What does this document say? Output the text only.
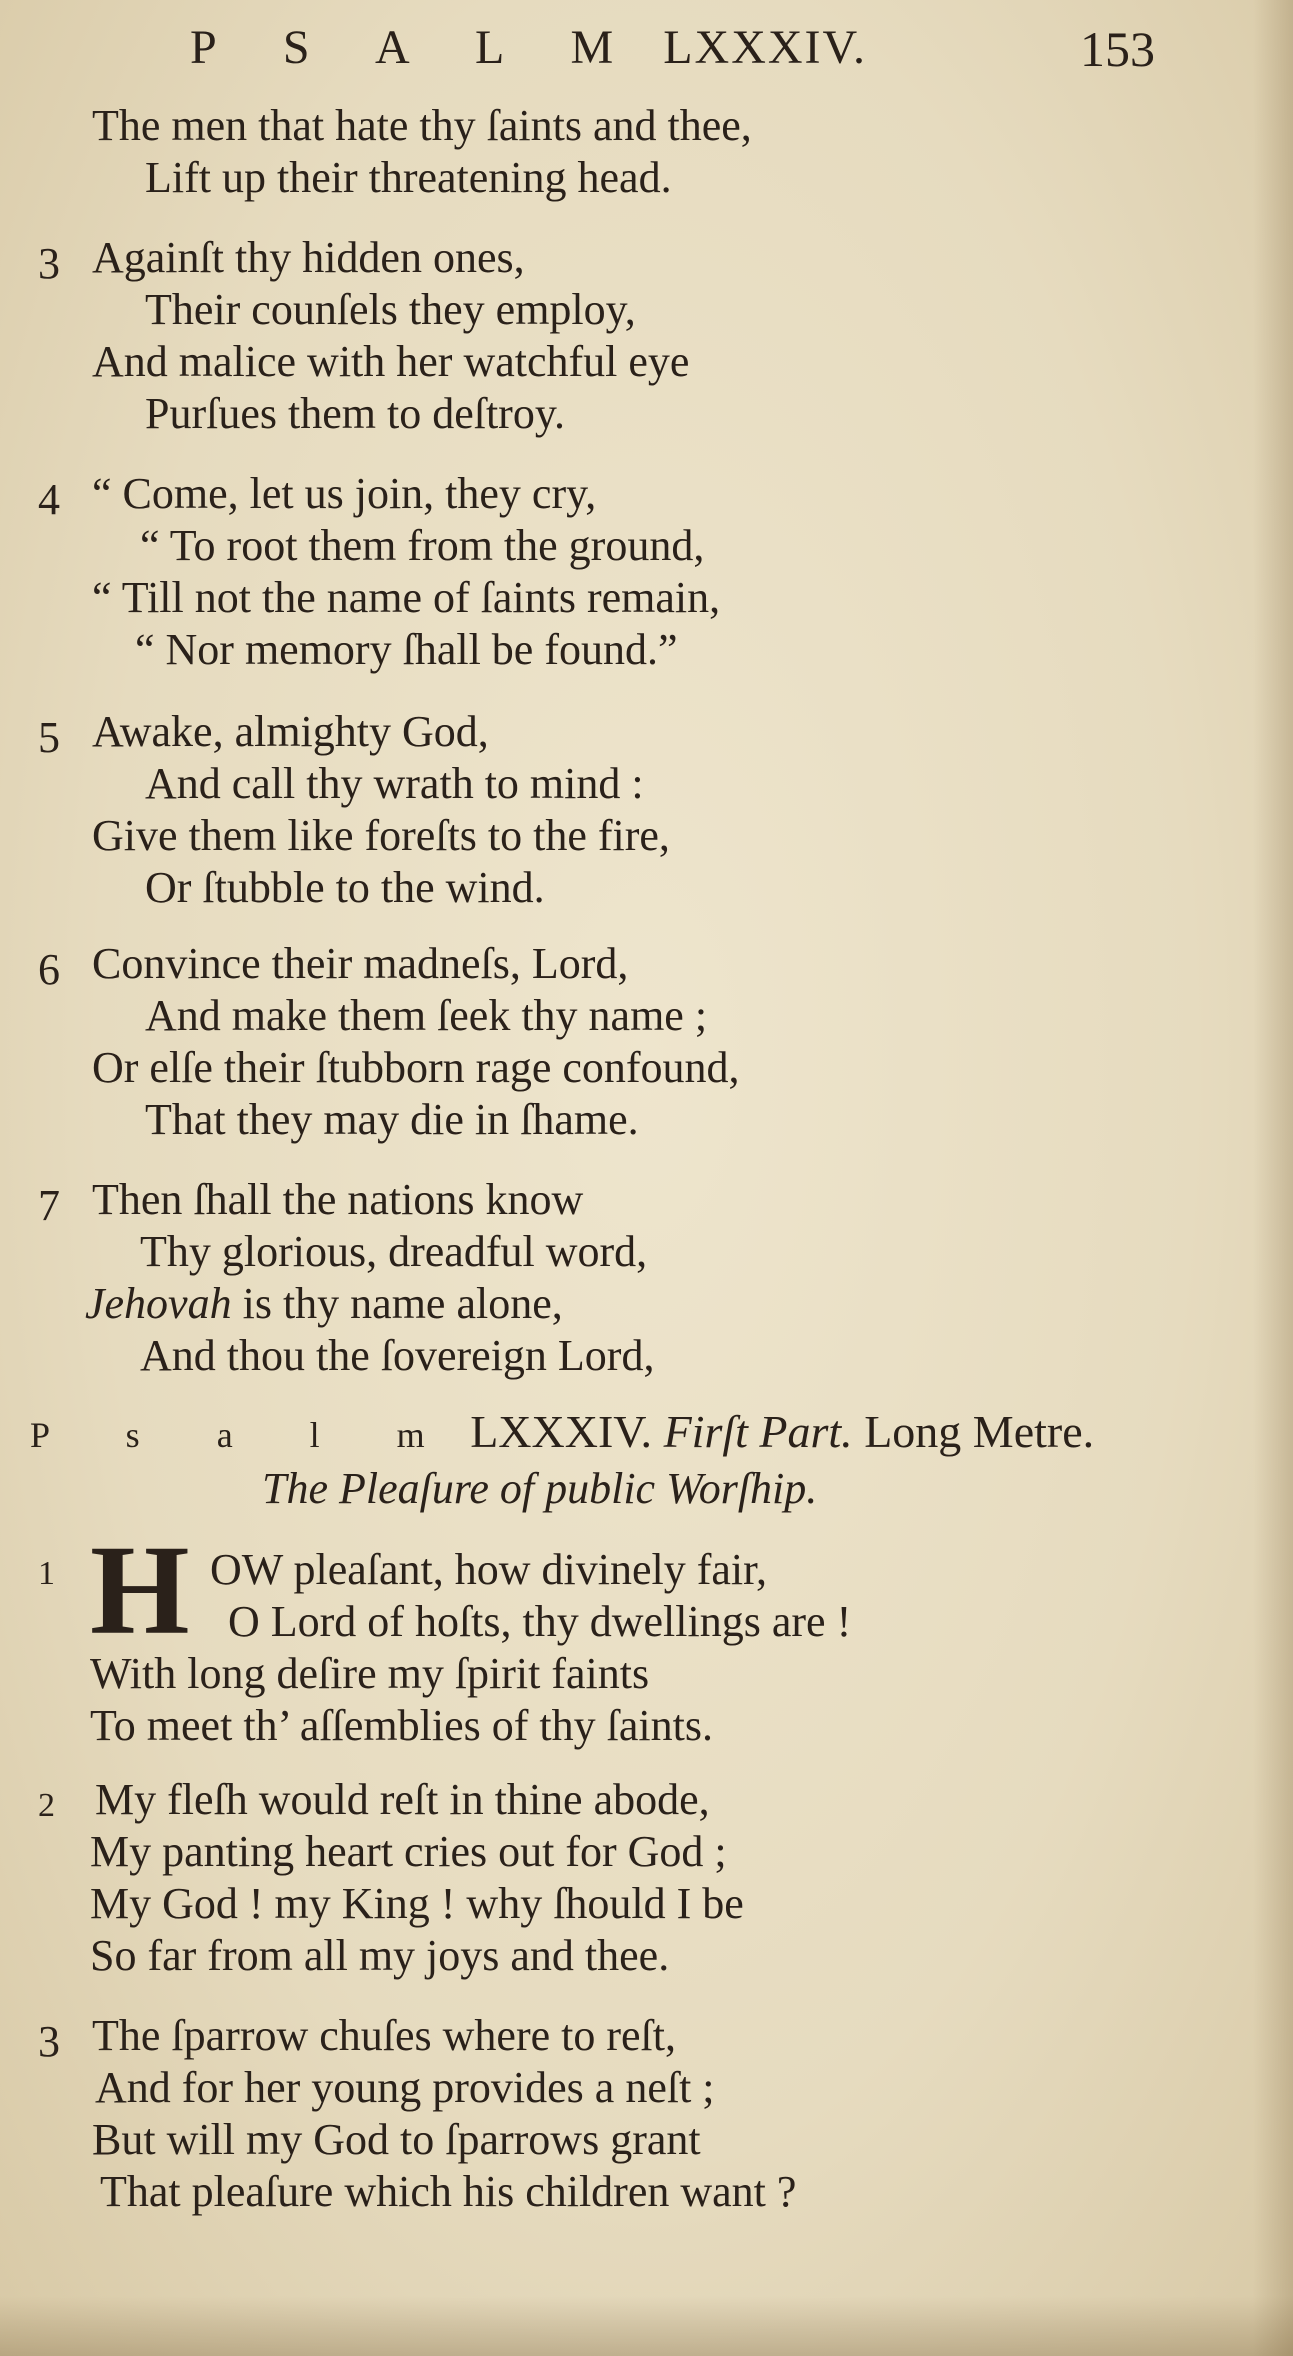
P S A L M LXXXIV.	153
The men that hate thy ſaints and thee,
Lift up their threatening head.
3 Againſt thy hidden ones,
Their counſels they employ,
And malice with her watchful eye
Purſues them to deſtroy.
4 “ Come, let us join, they cry,
“ To root them from the ground,
“ Till not the name of ſaints remain,
“ Nor memory ſhall be found.”
5 Awake, almighty God,
And call thy wrath to mind :
Give them like foreſts to the fire,
Or ſtubble to the wind.
6 Convince their madneſs, Lord,
And make them ſeek thy name ;
Or elſe their ſtubborn rage confound,
That they may die in ſhame.
7 Then ſhall the nations know
Thy glorious, dreadful word,
Jehovah is thy name alone,
And thou the ſovereign Lord,
P s a l m LXXXIV. Firſt Part. Long Metre.
The Pleaſure of public Worſhip.
1 H OW pleaſant, how divinely fair,
O Lord of hoſts, thy dwellings are !
With long deſire my ſpirit faints
To meet th’ aſſemblies of thy ſaints.
2 My fleſh would reſt in thine abode,
My panting heart cries out for God ;
My God ! my King ! why ſhould I be
So far from all my joys and thee.
3 The ſparrow chuſes where to reſt,
And for her young provides a neſt ;
But will my God to ſparrows grant
That pleaſure which his children want ?
